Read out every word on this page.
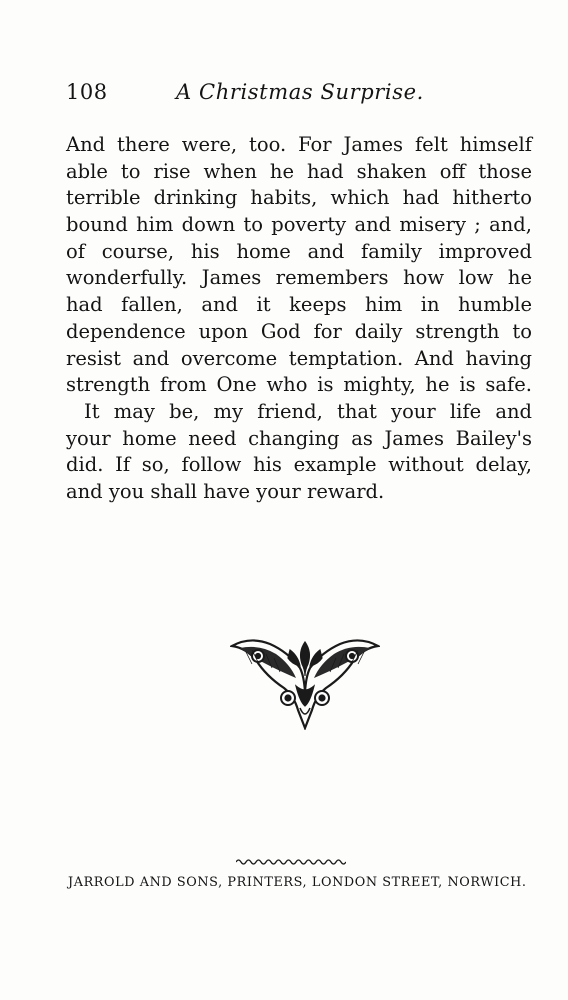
108	A Christmas Surprise.
And there were, too. For James felt himself
able to rise when he had shaken off those
terrible drinking habits, which had hitherto
bound him down to poverty and misery ; and,
of course, his home and family improved
wonderfully. James remembers how low he
had fallen, and it keeps him in humble
dependence upon God for daily strength to
resist and overcome temptation. And having
strength from One who is mighty, he is safe.
It may be, my friend, that your life and
your home need changing as James Bailey's
did. If so, follow his example without delay,
and you shall have your reward.
JARROLD AND SONS, PRINTERS, LONDON STREET, NORWICH.
